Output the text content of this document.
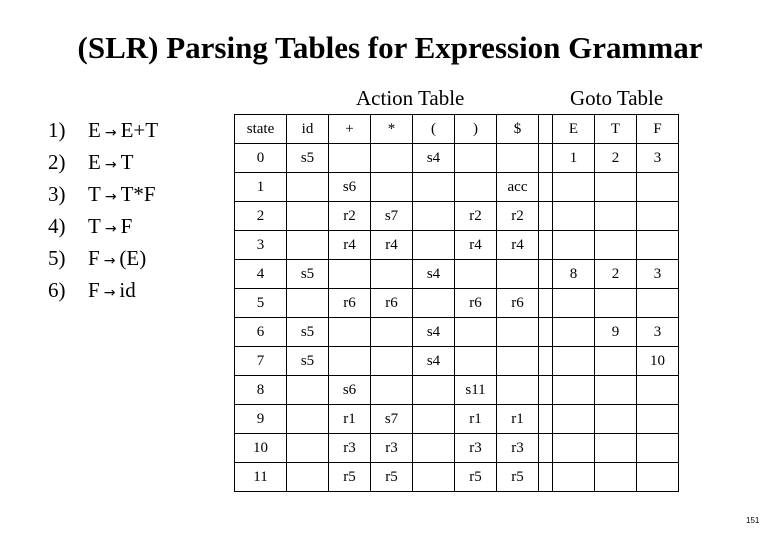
(SLR) Parsing Tables for Expression Grammar
Action Table	Goto Table
1)	E → E+T
2)	E → T
3)	T → T*F
4)	T → F
5)	F → (E)
6)	F → id
state	id	+	*	(	)	$		E	T	F
0	s5			s4				1	2	3
1		s6				acc				
2		r2	s7		r2	r2				
3		r4	r4		r4	r4				
4	s5			s4				8	2	3
5		r6	r6		r6	r6				
6	s5			s4					9	3
7	s5			s4						10
8		s6			s11					
9		r1	s7		r1	r1				
10		r3	r3		r3	r3				
11		r5	r5		r5	r5				
151
